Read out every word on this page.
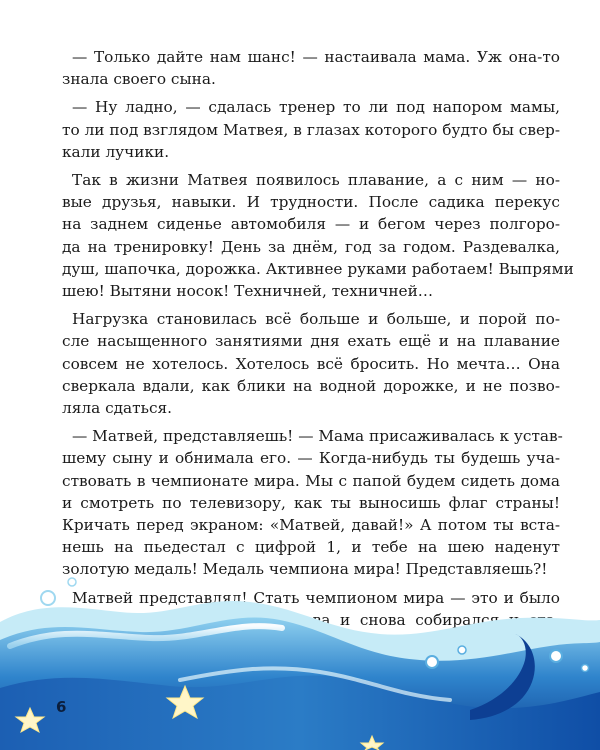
— Только дайте нам шанс! — настаивала мама. Уж она-то
знала своего сына.

— Ну ладно, — сдалась тренер то ли под напором мамы,
то ли под взглядом Матвея, в глазах которого будто бы свер-
кали лучики.

Так в жизни Матвея появилось плавание, а с ним — но-
вые друзья, навыки. И трудности. После садика перекус
на заднем сиденье автомобиля — и бегом через полгоро-
да на тренировку! День за днём, год за годом. Раздевалка,
душ, шапочка, дорожка. Активнее руками работаем! Выпрями
шею! Вытяни носок! Техничней, техничней…

Нагрузка становилась всё больше и больше, и порой по-
сле насыщенного занятиями дня ехать ещё и на плавание
совсем не хотелось. Хотелось всё бросить. Но мечта… Она
сверкала вдали, как блики на водной дорожке, и не позво-
ляла сдаться.

— Матвей, представляешь! — Мама присаживалась к устав-
шему сыну и обнимала его. — Когда-нибудь ты будешь уча-
ствовать в чемпионате мира. Мы с папой будем сидеть дома
и смотреть по телевизору, как ты выносишь флаг страны!
Кричать перед экраном: «Матвей, давай!» А потом ты вста-
нешь на пьедестал с цифрой 1, и тебе на шею наденут
золотую медаль! Медаль чемпиона мира! Представляешь?!

Матвей представлял! Стать чемпионом мира — это и было

6
